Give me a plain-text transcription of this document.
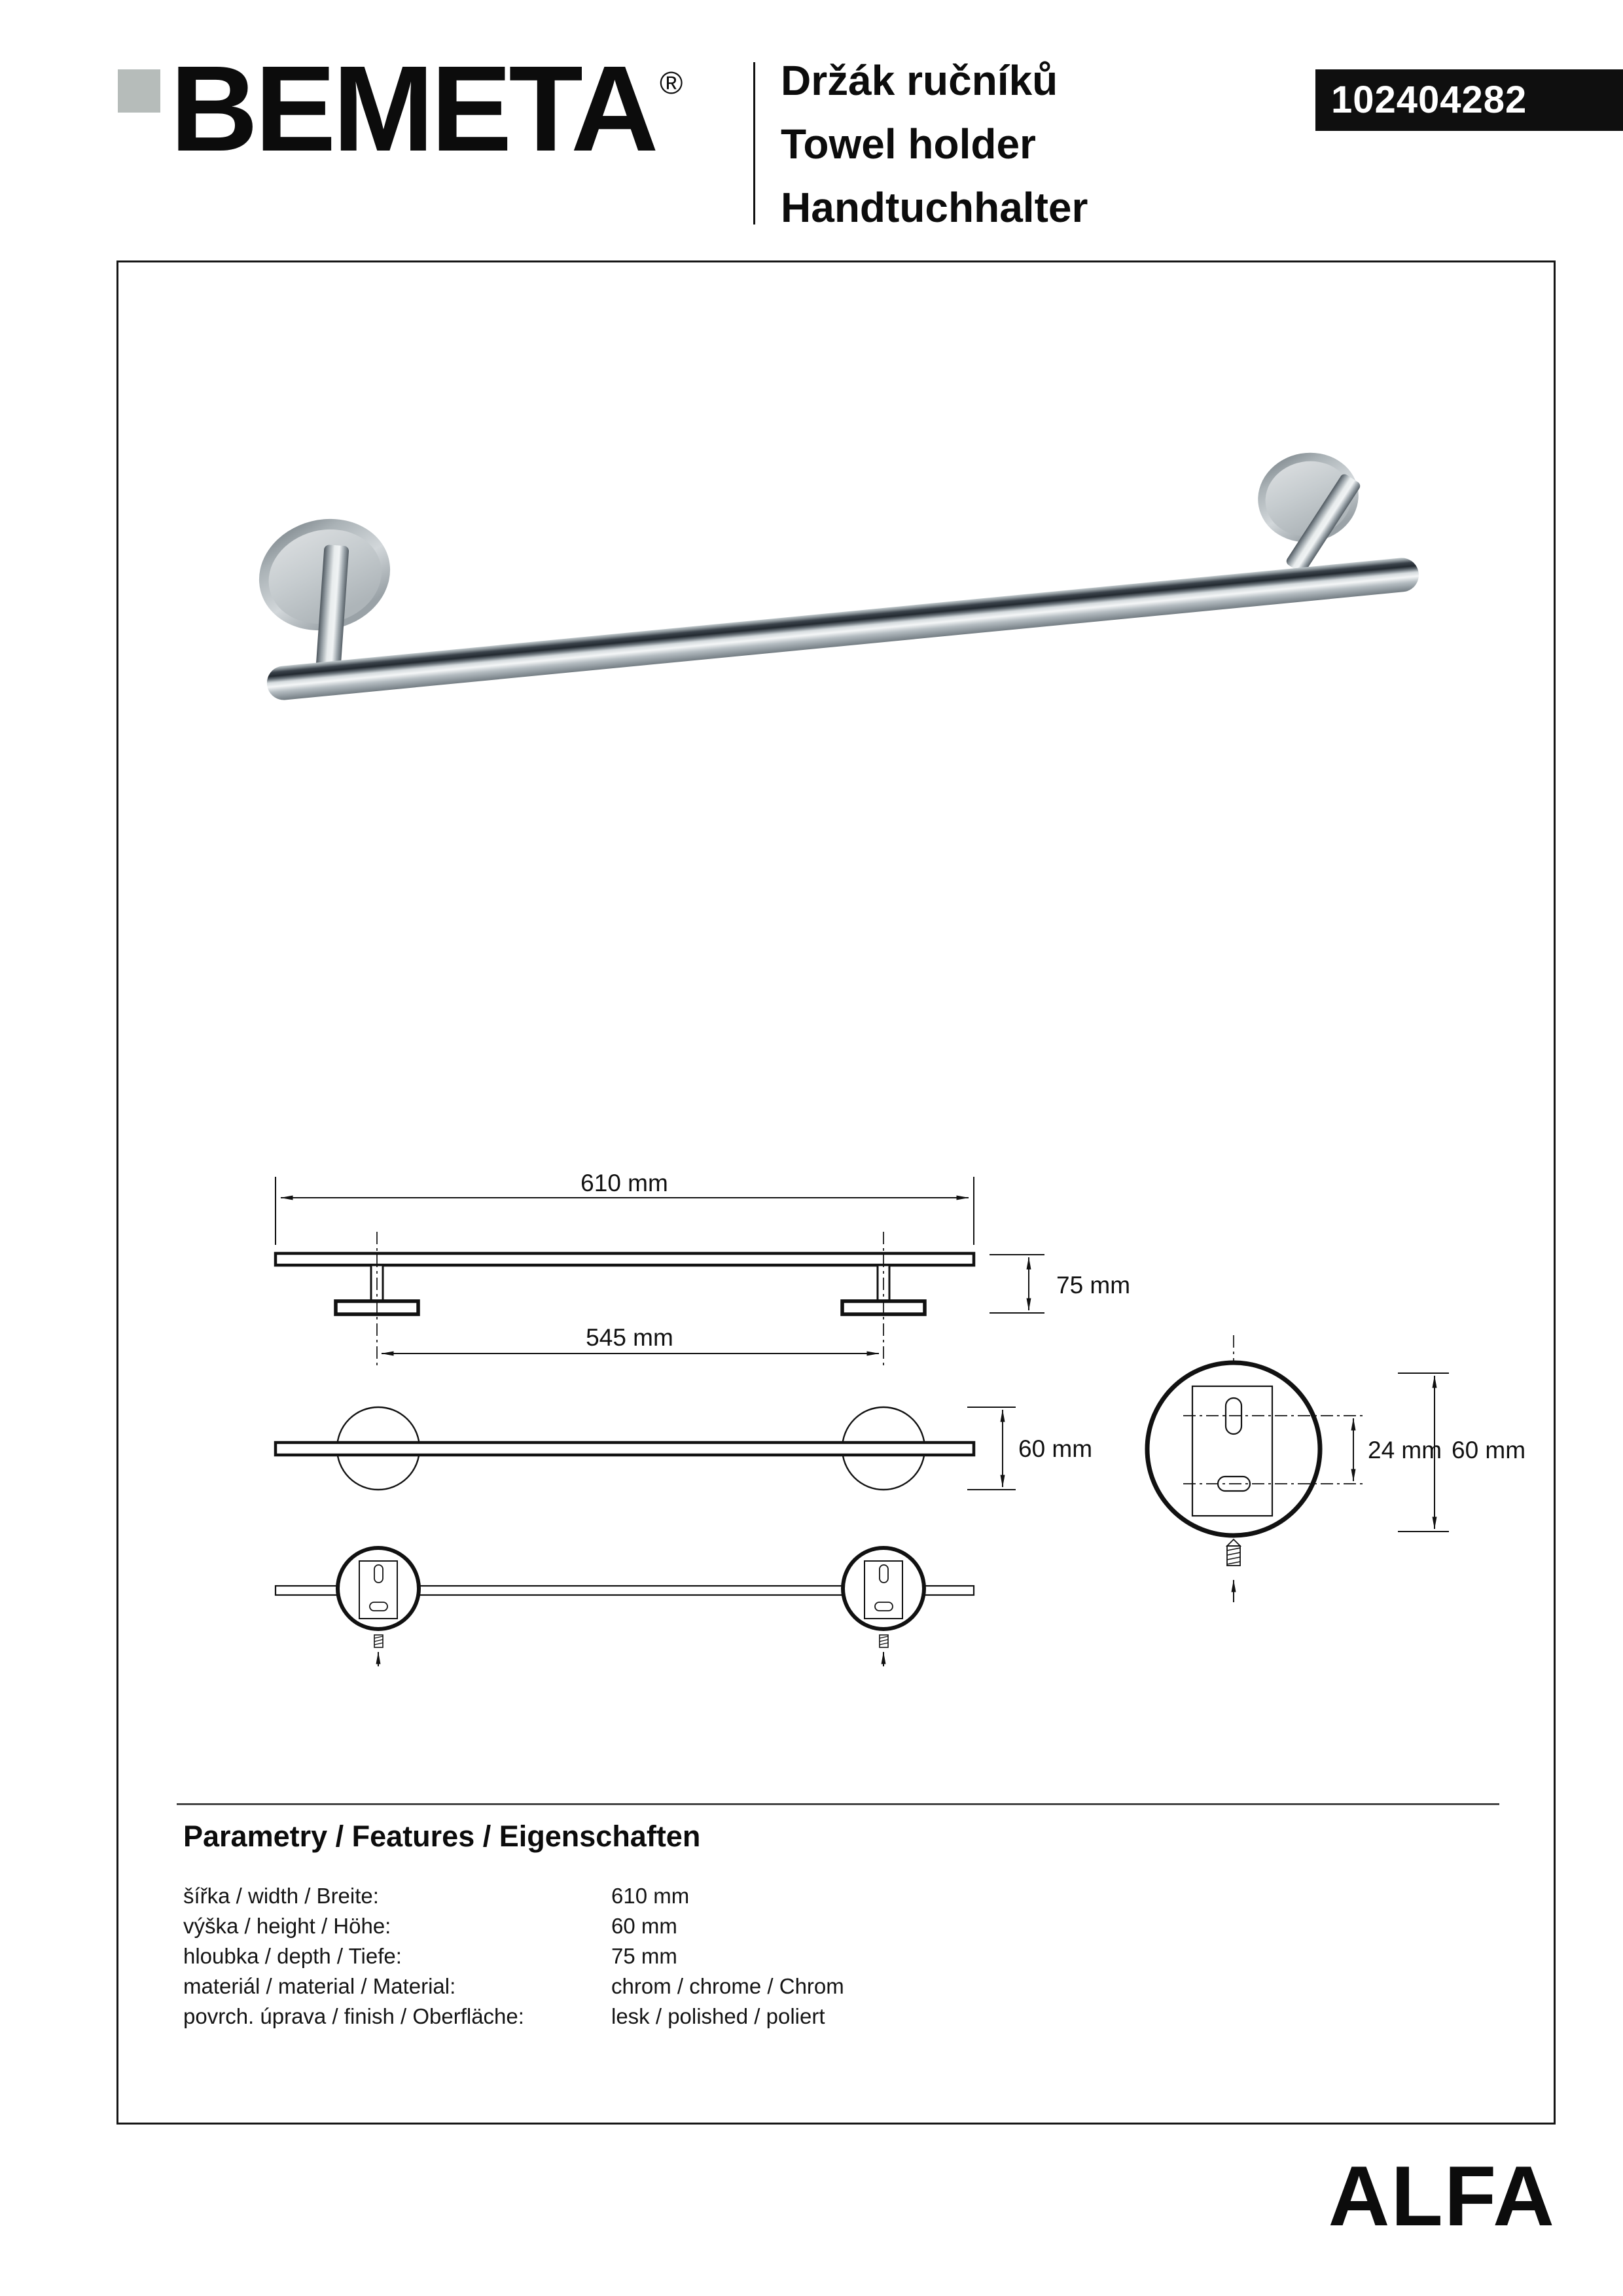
BEMETA ® Držák ručníků
Towel holder
Handtuchhalter
102404282
610 mm
75 mm
545 mm
60 mm	24 mm 60 mm
Parametry / Features / Eigenschaften
šířka / width / Breite:	610 mm
výška / height / Höhe:	60 mm
hloubka / depth / Tiefe:	75 mm
materiál / material / Material:	chrom / chrome / Chrom
povrch. úprava / finish / Oberfläche:	lesk / polished / poliert
ALFA
